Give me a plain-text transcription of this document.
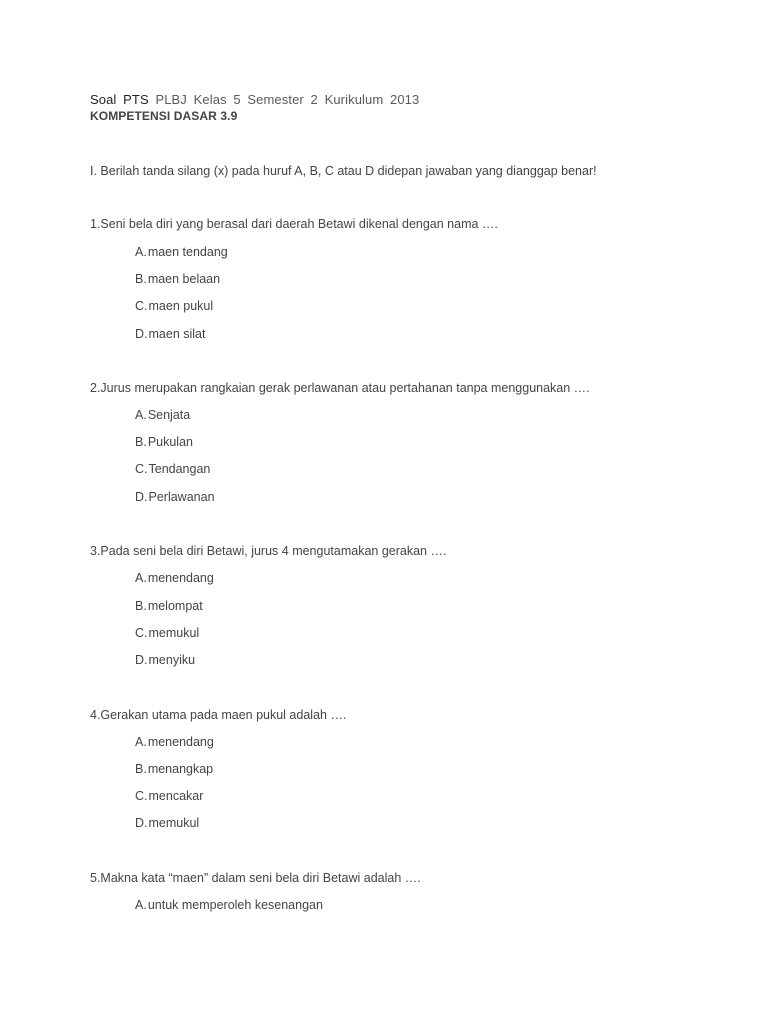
Soal PTS PLBJ Kelas 5 Semester 2 Kurikulum 2013
KOMPETENSI DASAR 3.9
I. Berilah tanda silang (x) pada huruf A, B, C atau D didepan jawaban yang dianggap benar!
1.Seni bela diri yang berasal dari daerah Betawi dikenal dengan nama ….
A.maen tendang
B.maen belaan
C.maen pukul
D.maen silat
2.Jurus merupakan rangkaian gerak perlawanan atau pertahanan tanpa menggunakan ….
A.Senjata
B.Pukulan
C.Tendangan
D.Perlawanan
3.Pada seni bela diri Betawi, jurus 4 mengutamakan gerakan ….
A.menendang
B.melompat
C.memukul
D.menyiku
4.Gerakan utama pada maen pukul adalah ….
A.menendang
B.menangkap
C.mencakar
D.memukul
5.Makna kata “maen” dalam seni bela diri Betawi adalah ….
A.untuk memperoleh kesenangan
